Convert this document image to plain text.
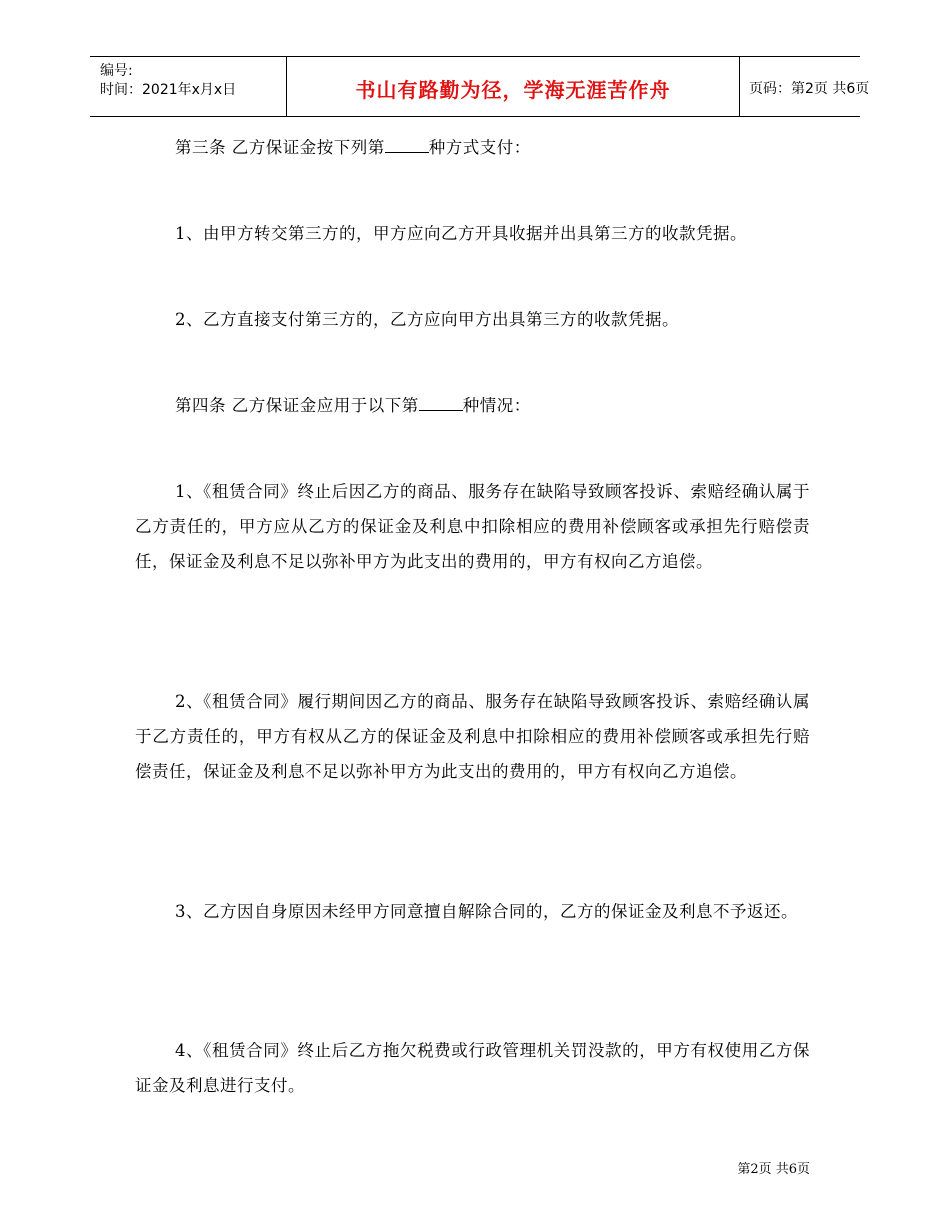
编号:
时间：2021年x月x日	书山有路勤为径，学海无涯苦作舟	页码：第2页 共6页
第三条 乙方保证金按下列第	种方式支付：
1、由甲方转交第三方的，甲方应向乙方开具收据并出具第三方的收款凭据。
2、乙方直接支付第三方的，乙方应向甲方出具第三方的收款凭据。
第四条 乙方保证金应用于以下第	种情况：
1、《租赁合同》终止后因乙方的商品、服务存在缺陷导致顾客投诉、索赔经确认属于乙方责任的，甲方应从乙方的保证金及利息中扣除相应的费用补偿顾客或承担先行赔偿责任，保证金及利息不足以弥补甲方为此支出的费用的，甲方有权向乙方追偿。
2、《租赁合同》履行期间因乙方的商品、服务存在缺陷导致顾客投诉、索赔经确认属于乙方责任的，甲方有权从乙方的保证金及利息中扣除相应的费用补偿顾客或承担先行赔偿责任，保证金及利息不足以弥补甲方为此支出的费用的，甲方有权向乙方追偿。
3、乙方因自身原因未经甲方同意擅自解除合同的，乙方的保证金及利息不予返还。
4、《租赁合同》终止后乙方拖欠税费或行政管理机关罚没款的，甲方有权使用乙方保证金及利息进行支付。
第2页 共6页
